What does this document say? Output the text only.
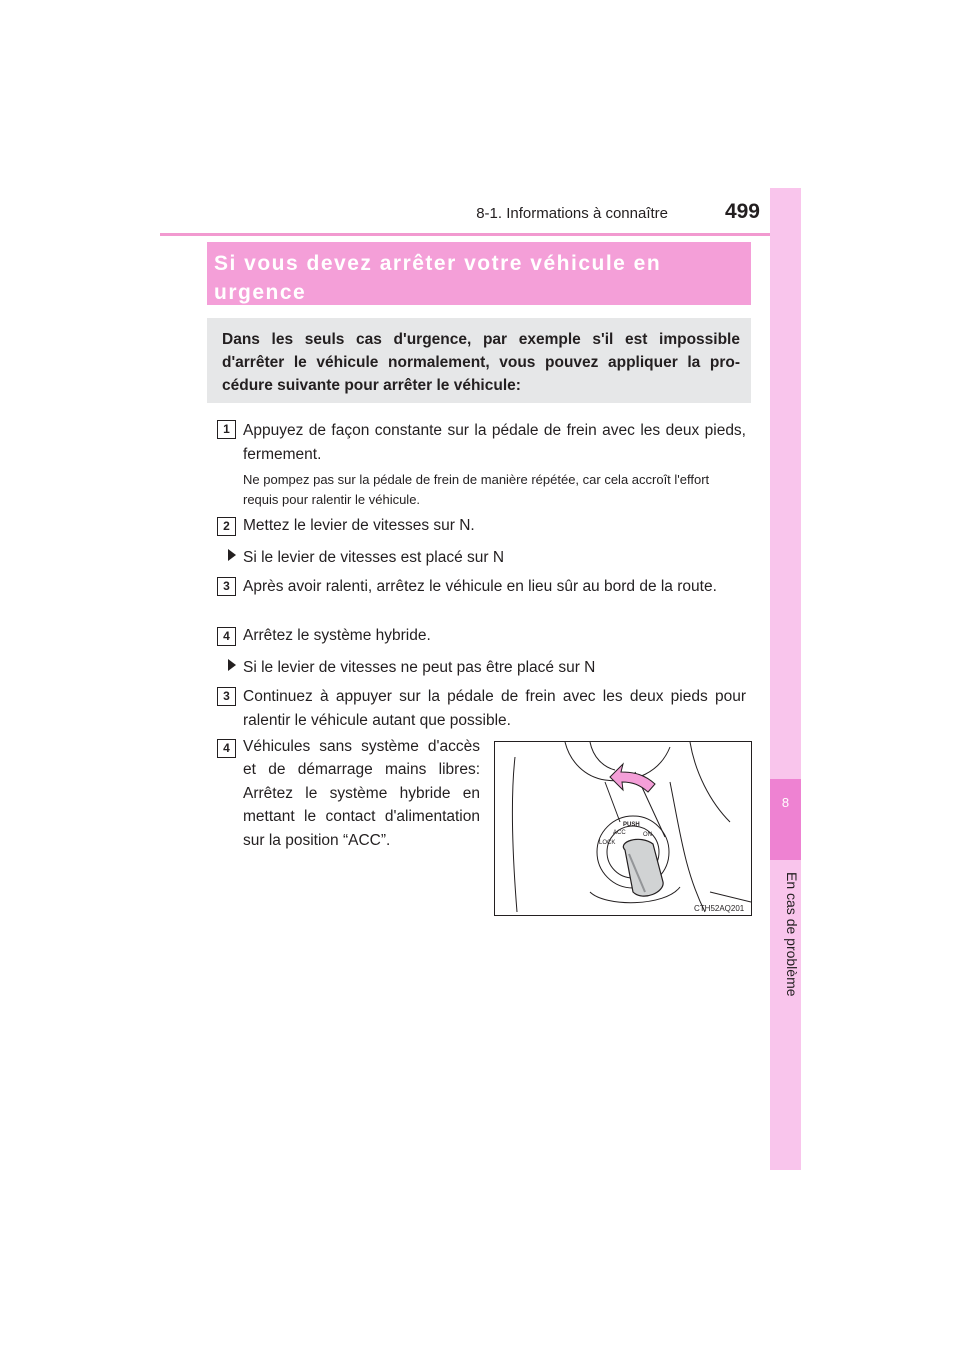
8-1. Informations à connaître	499
8
En cas de problème
Si vous devez arrêter votre véhicule en urgence
Dans les seuls cas d'urgence, par exemple s'il est impossible d'arrêter le véhicule normalement, vous pouvez appliquer la pro-cédure suivante pour arrêter le véhicule:
1 Appuyez de façon constante sur la pédale de frein avec les deux pieds, fermement.
Ne pompez pas sur la pédale de frein de manière répétée, car cela accroît l'effort requis pour ralentir le véhicule.
2 Mettez le levier de vitesses sur N.
Si le levier de vitesses est placé sur N
3 Après avoir ralenti, arrêtez le véhicule en lieu sûr au bord de la route.
4 Arrêtez le système hybride.
Si le levier de vitesses ne peut pas être placé sur N
3 Continuez à appuyer sur la pédale de frein avec les deux pieds pour ralentir le véhicule autant que possible.
4 Véhicules sans système d'accès et de démarrage mains libres: Arrêtez le système hybride en mettant le contact d'alimentation sur la position “ACC”.
PUSH
ACC	ON
LOCK
CTH52AQ201
